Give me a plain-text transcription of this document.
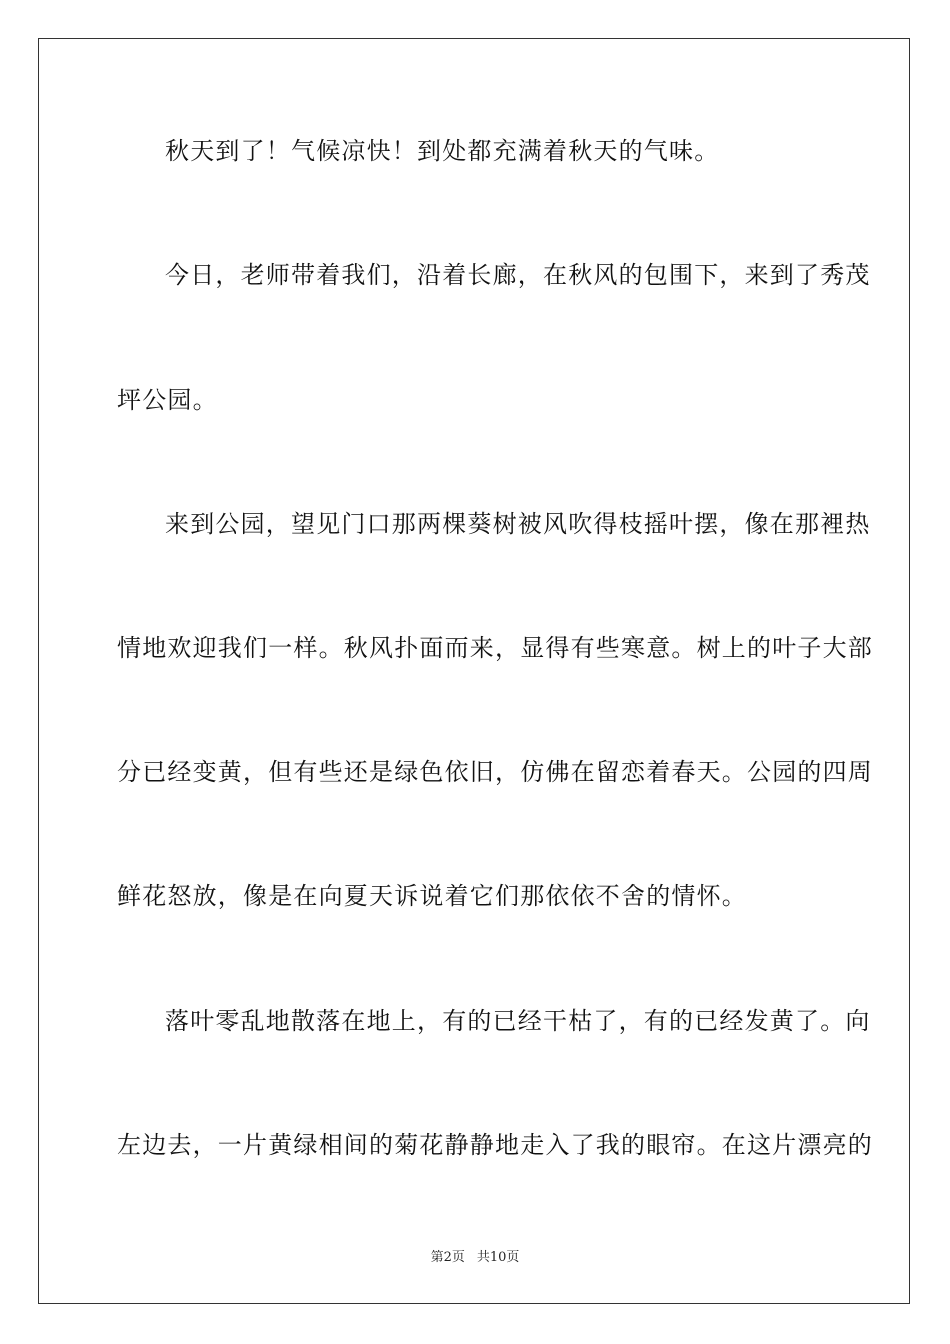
秋天到了！气候凉快！到处都充满着秋天的气味。
今日，老师带着我们，沿着长廊，在秋风的包围下，来到了秀茂
坪公园。
来到公园，望见门口那两棵葵树被风吹得枝摇叶摆，像在那裡热
情地欢迎我们一样。秋风扑面而来，显得有些寒意。树上的叶子大部
分已经变黄，但有些还是绿色依旧，仿佛在留恋着春天。公园的四周
鲜花怒放，像是在向夏天诉说着它们那依依不舍的情怀。
落叶零乱地散落在地上，有的已经干枯了，有的已经发黄了。向
左边去，一片黄绿相间的菊花静静地走入了我的眼帘。在这片漂亮的
第2页 共10页
